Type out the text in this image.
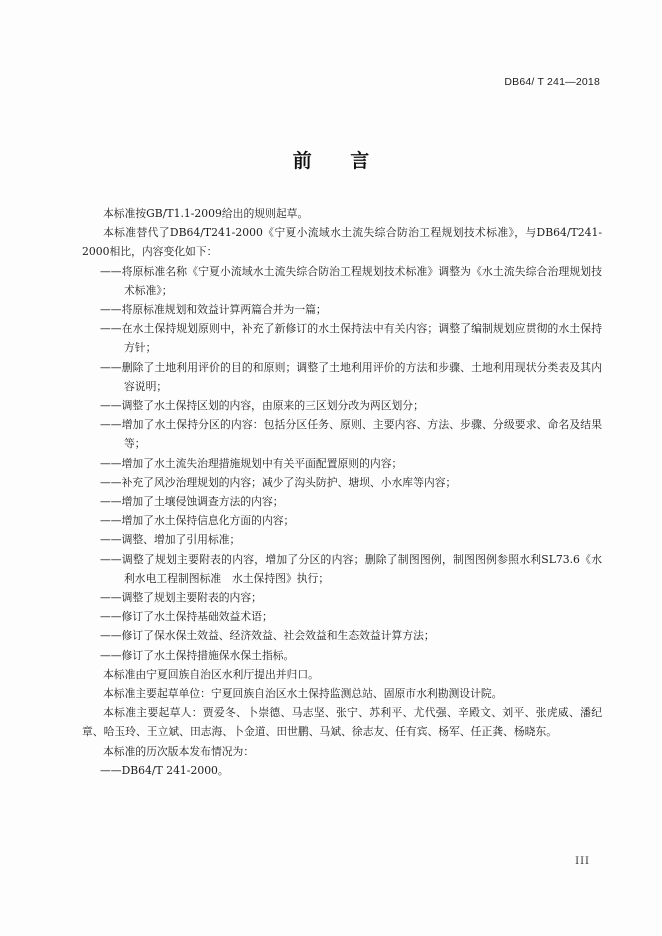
DB64/ T 241—2018
前 言

本标准按GB/T1.1-2009给出的规则起草。

本标准替代了DB64/T241-2000《宁夏小流域水土流失综合防治工程规划技术标准》，与DB64/T241-2000相比，内容变化如下：

——将原标准名称《宁夏小流域水土流失综合防治工程规划技术标准》调整为《水土流失综合治理规划技术标准》；

——将原标准规划和效益计算两篇合并为一篇；

——在水土保持规划原则中，补充了新修订的水土保持法中有关内容；调整了编制规划应贯彻的水土保持方针；

——删除了土地利用评价的目的和原则；调整了土地利用评价的方法和步骤、土地利用现状分类表及其内容说明；

——调整了水土保持区划的内容，由原来的三区划分改为两区划分；

——增加了水土保持分区的内容：包括分区任务、原则、主要内容、方法、步骤、分级要求、命名及结果等；

——增加了水土流失治理措施规划中有关平面配置原则的内容；

——补充了风沙治理规划的内容；减少了沟头防护、塘坝、小水库等内容；

——增加了土壤侵蚀调查方法的内容；

——增加了水土保持信息化方面的内容；

——调整、增加了引用标准；

——调整了规划主要附表的内容，增加了分区的内容；删除了制图图例，制图图例参照水利SL73.6《水利水电工程制图标准　水土保持图》执行；

——调整了规划主要附表的内容；

——修订了水土保持基础效益术语；

——修订了保水保土效益、经济效益、社会效益和生态效益计算方法；

——修订了水土保持措施保水保土指标。

本标准由宁夏回族自治区水利厅提出并归口。

本标准主要起草单位：宁夏回族自治区水土保持监测总站、固原市水利勘测设计院。

本标准主要起草人：贾爱冬、卜崇德、马志坚、张宁、苏利平、尤代强、辛殿文、刘平、张虎威、潘纪章、哈玉玲、王立斌、田志海、卜金道、田世鹏、马斌、徐志友、任有宾、杨军、任正龚、杨晓东。

本标准的历次版本发布情况为：

——DB64/T 241-2000。

III
